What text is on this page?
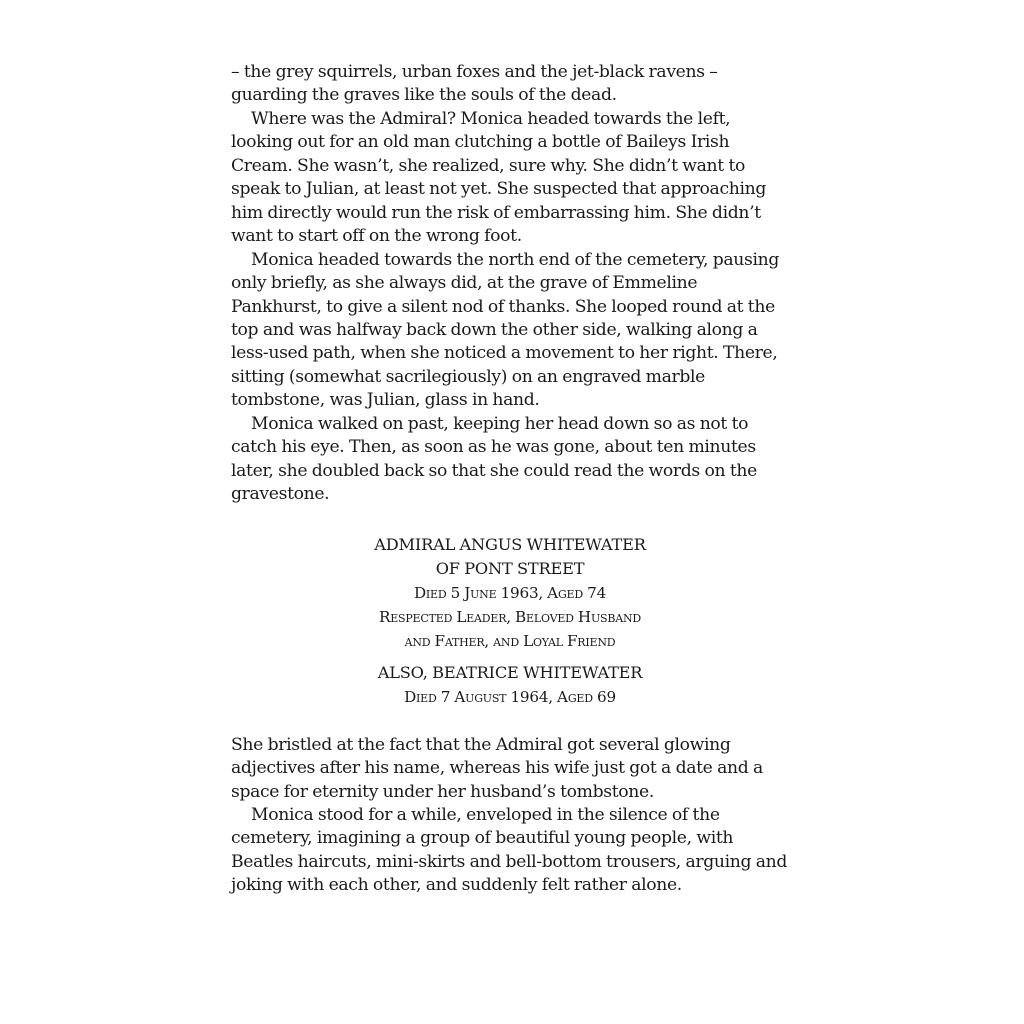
– the grey squirrels, urban foxes and the jet-black ravens –
guarding the graves like the souls of the dead.

Where was the Admiral? Monica headed towards the left,
looking out for an old man clutching a bottle of Baileys Irish
Cream. She wasn’t, she realized, sure why. She didn’t want to
speak to Julian, at least not yet. She suspected that approaching
him directly would run the risk of embarrassing him. She didn’t
want to start off on the wrong foot.

Monica headed towards the north end of the cemetery, pausing
only briefly, as she always did, at the grave of Emmeline
Pankhurst, to give a silent nod of thanks. She looped round at the
top and was halfway back down the other side, walking along a
less-used path, when she noticed a movement to her right. There,
sitting (somewhat sacrilegiously) on an engraved marble
tombstone, was Julian, glass in hand.

Monica walked on past, keeping her head down so as not to
catch his eye. Then, as soon as he was gone, about ten minutes
later, she doubled back so that she could read the words on the
gravestone.

ADMIRAL ANGUS WHITEWATER
OF PONT STREET
Died 5 June 1963, Aged 74
Respected Leader, Beloved Husband
and Father, and Loyal Friend
ALSO, BEATRICE WHITEWATER
Died 7 August 1964, Aged 69

She bristled at the fact that the Admiral got several glowing
adjectives after his name, whereas his wife just got a date and a
space for eternity under her husband’s tombstone.

Monica stood for a while, enveloped in the silence of the
cemetery, imagining a group of beautiful young people, with
Beatles haircuts, mini-skirts and bell-bottom trousers, arguing and
joking with each other, and suddenly felt rather alone.
